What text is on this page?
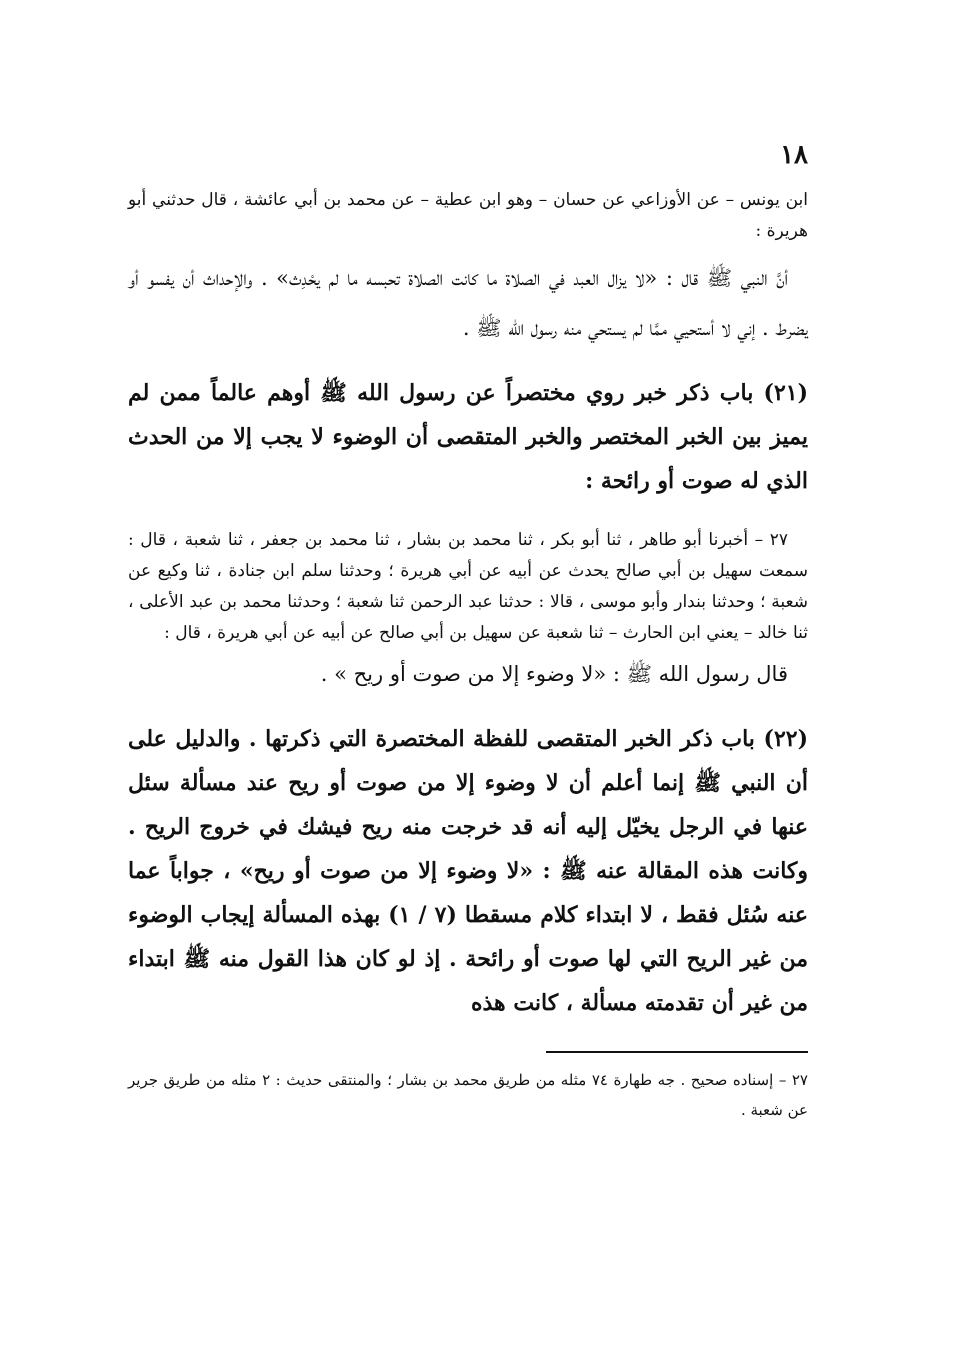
١٨

ابن يونس – عن الأوزاعي عن حسان – وهو ابن عطية – عن محمد بن أبي عائشة ، قال حدثني أبو هريرة :

أنَّ النبي ﷺ قال : «لا يزال العبد في الصلاة ما كانت الصلاة تحبسه ما لم يحْدِث» . والإحداث أن يفسو أو يضرط . إني لا أستحيي ممَّا لم يستحي منه رسول الله ﷺ .

(٢١) باب ذكر خبر روي مختصراً عن رسول الله ﷺ أوهم عالماً ممن لم يميز بين الخبر المختصر والخبر المتقصى أن الوضوء لا يجب إلا من الحدث الذي له صوت أو رائحة :

٢٧ – أخبرنا أبو طاهر ، ثنا أبو بكر ، ثنا محمد بن بشار ، ثنا محمد بن جعفر ، ثنا شعبة ، قال : سمعت سهيل بن أبي صالح يحدث عن أبيه عن أبي هريرة ؛ وحدثنا سلم ابن جنادة ، ثنا وكيع عن شعبة ؛ وحدثنا بندار وأبو موسى ، قالا : حدثنا عبد الرحمن ثنا شعبة ؛ وحدثنا محمد بن عبد الأعلى ، ثنا خالد – يعني ابن الحارث – ثنا شعبة عن سهيل بن أبي صالح عن أبيه عن أبي هريرة ، قال :

قال رسول الله ﷺ : «لا وضوء إلا من صوت أو ريح » .

(٢٢) باب ذكر الخبر المتقصى للفظة المختصرة التي ذكرتها . والدليل على أن النبي ﷺ إنما أعلم أن لا وضوء إلا من صوت أو ريح عند مسألة سئل عنها في الرجل يخيّل إليه أنه قد خرجت منه ريح فيشك في خروج الريح . وكانت هذه المقالة عنه ﷺ : «لا وضوء إلا من صوت أو ريح» ، جواباً عما عنه سُئل فقط ، لا ابتداء كلام مسقطا (٧ / ١) بهذه المسألة إيجاب الوضوء من غير الريح التي لها صوت أو رائحة . إذ لو كان هذا القول منه ﷺ ابتداء من غير أن تقدمته مسألة ، كانت هذه

٢٧ – إسناده صحيح . جه طهارة ٧٤ مثله من طريق محمد بن بشار ؛ والمنتقى حديث : ٢ مثله من طريق جرير عن شعبة .
